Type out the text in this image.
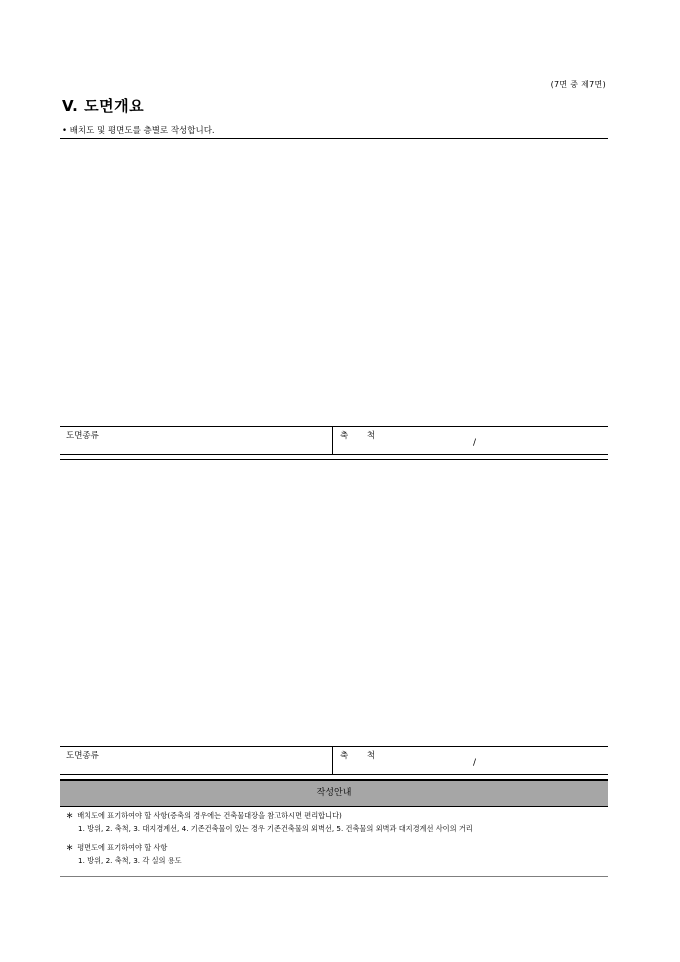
(7면 중 제7면)
V. 도면개요
• 배치도 및 평면도를 층별로 작성합니다.
도면종류	축 척
/
도면종류	축 척
/
작성안내
＊ 배치도에 표기하여야 할 사항(증축의 경우에는 건축물대장을 참고하시면 편리합니다)
1. 방위, 2. 축척, 3. 대지경계선, 4. 기존건축물이 있는 경우 기존건축물의 외벽선, 5. 건축물의 외벽과 대지경계선 사이의 거리
＊ 평면도에 표기하여야 할 사항
1. 방위, 2. 축척, 3. 각 실의 용도
